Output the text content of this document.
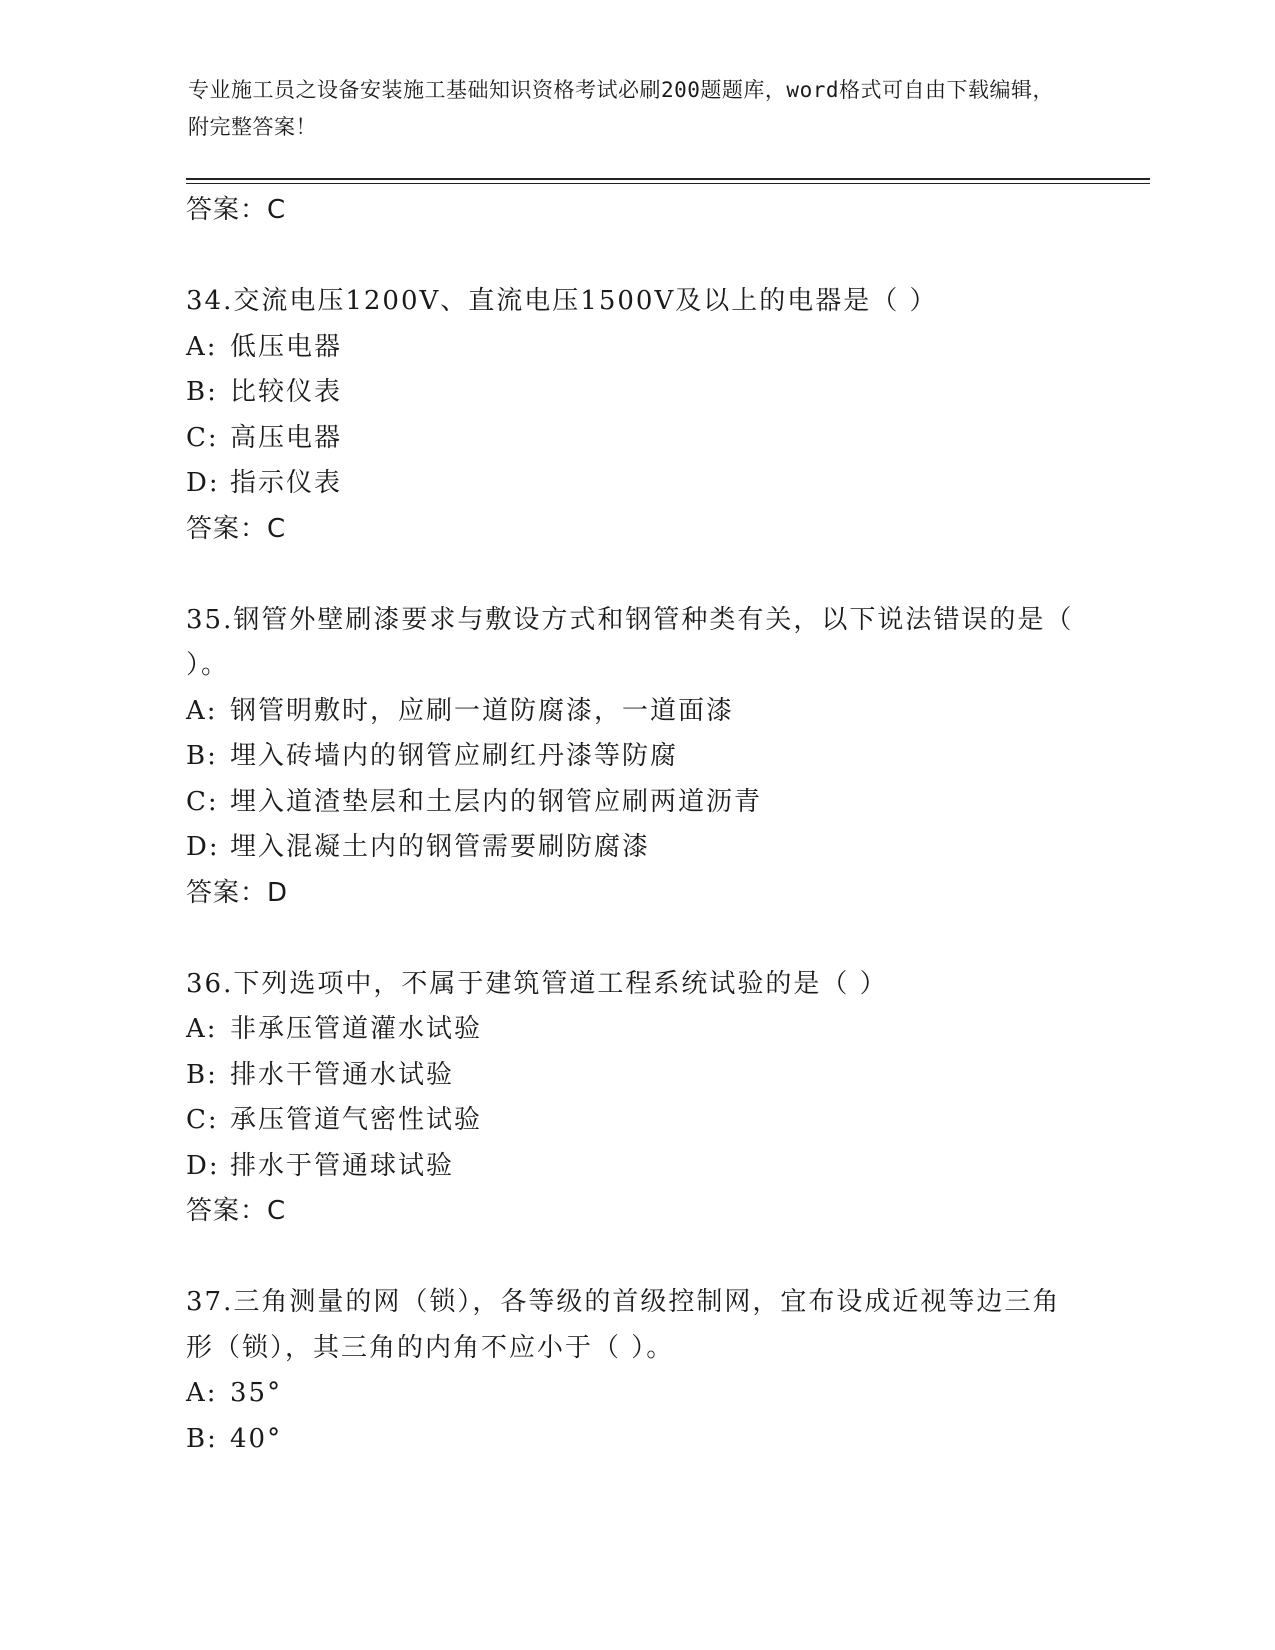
专业施工员之设备安装施工基础知识资格考试必刷200题题库，word格式可自由下载编辑，附完整答案！
答案：C
34.交流电压1200V、直流电压1500V及以上的电器是（ ）
A: 低压电器
B: 比较仪表
C: 高压电器
D: 指示仪表
答案：C
35.钢管外壁刷漆要求与敷设方式和钢管种类有关，以下说法错误的是（ ）。
A: 钢管明敷时，应刷一道防腐漆，一道面漆
B: 埋入砖墙内的钢管应刷红丹漆等防腐
C: 埋入道渣垫层和土层内的钢管应刷两道沥青
D: 埋入混凝土内的钢管需要刷防腐漆
答案：D
36.下列选项中，不属于建筑管道工程系统试验的是（ ）
A: 非承压管道灌水试验
B: 排水干管通水试验
C: 承压管道气密性试验
D: 排水于管通球试验
答案：C
37.三角测量的网（锁），各等级的首级控制网，宜布设成近视等边三角形（锁），其三角的内角不应小于（ ）。
A: 35°
B: 40°
